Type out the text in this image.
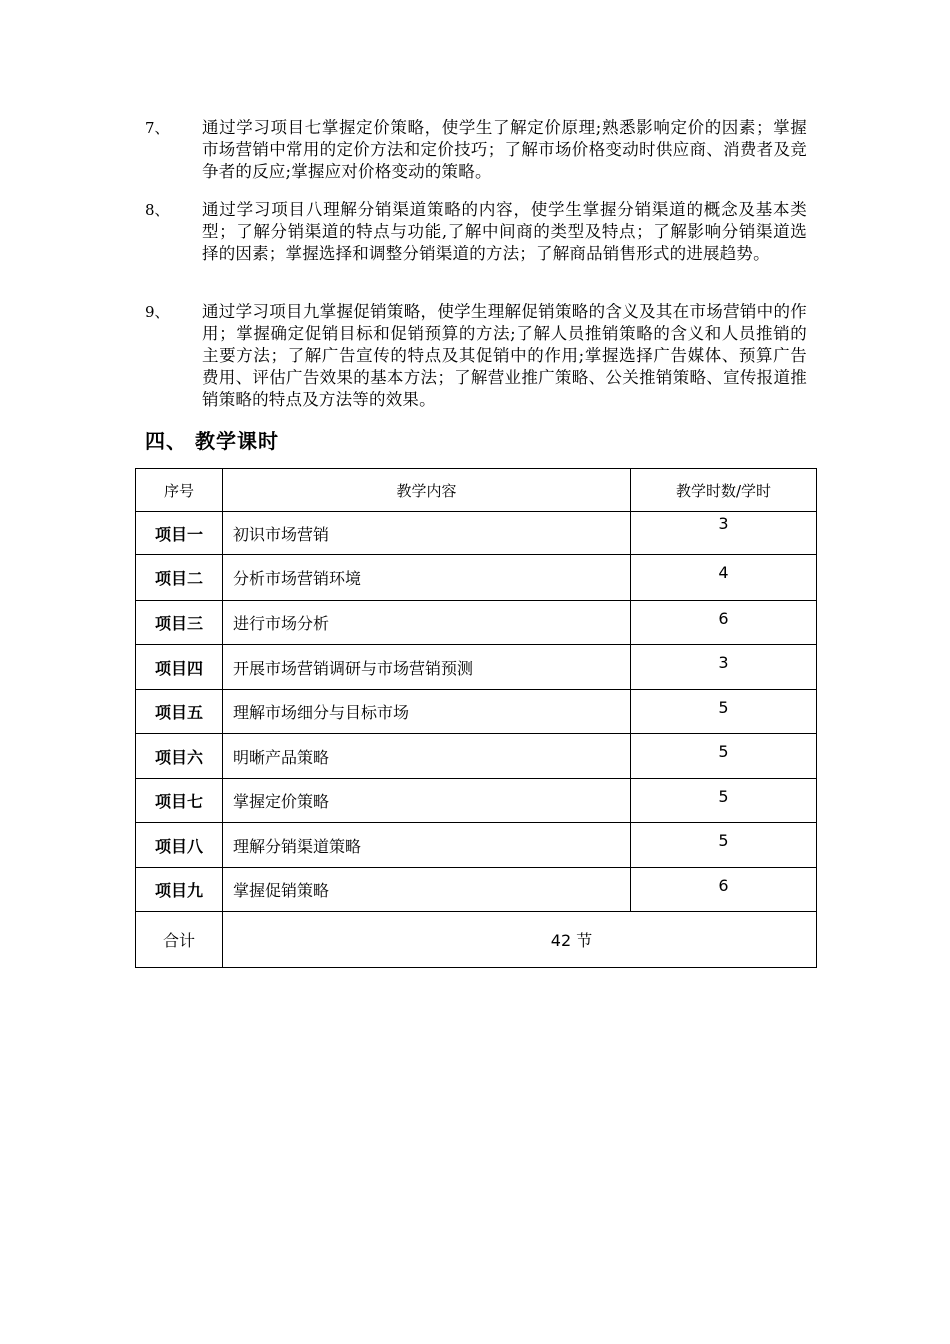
7、 通过学习项目七掌握定价策略，使学生了解定价原理;熟悉影响定价的因素；掌握市场营销中常用的定价方法和定价技巧；了解市场价格变动时供应商、消费者及竞争者的反应;掌握应对价格变动的策略。
8、 通过学习项目八理解分销渠道策略的内容，使学生掌握分销渠道的概念及基本类型；了解分销渠道的特点与功能,了解中间商的类型及特点；了解影响分销渠道选择的因素；掌握选择和调整分销渠道的方法；了解商品销售形式的进展趋势。
9、 通过学习项目九掌握促销策略，使学生理解促销策略的含义及其在市场营销中的作用；掌握确定促销目标和促销预算的方法;了解人员推销策略的含义和人员推销的主要方法；了解广告宣传的特点及其促销中的作用;掌握选择广告媒体、预算广告费用、评估广告效果的基本方法；了解营业推广策略、公关推销策略、宣传报道推销策略的特点及方法等的效果。
四、 教学课时
序号	教学内容	教学时数/学时
项目一	初识市场营销	3
项目二	分析市场营销环境	4
项目三	进行市场分析	6
项目四	开展市场营销调研与市场营销预测	3
项目五	理解市场细分与目标市场	5
项目六	明晰产品策略	5
项目七	掌握定价策略	5
项目八	理解分销渠道策略	5
项目九	掌握促销策略	6
合计	42 节	
